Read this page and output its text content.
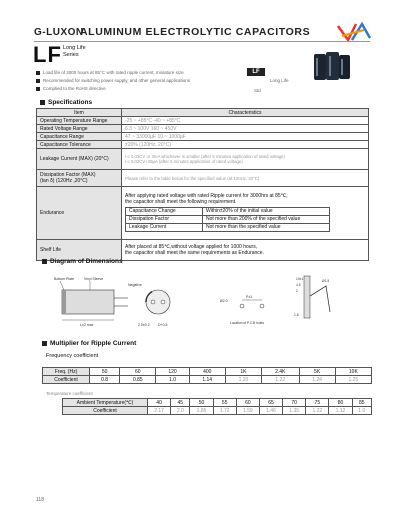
G-LUXON
ALUMINUM ELECTROLYTIC CAPACITORS
LF Long Life
Series
Load life of 3000 hours at 85°C with rated ripple current, miniature size
Recommended for switching power supply, and other general applications
Complied to the RoHS directive
LF
Long Life
Std
Specifications
Item	Characteristics
Operating Temperature Range	-25 ~ +85°C -40 ~ +85°C
Rated Voltage Range	6.3 ~ 100V 160 ~ 450V
Capacitance Range	47 ~ 33000μF 10 ~ 1000μF
Capacitance Tolerance	±20% (120Hz, 20°C)
Leakage Current (MAX) (20°C)	I ≤ 0.03CV or 3mA whichever is smaller (after 5 minutes application of rated voltage)
I ≤ 0.02CV+25μA (after 5 minutes application of rated voltage)

Dissipation Factor (MAX)
(tan δ) (120Hz ,20°C)	Please refer to the table below for the specified value (at 120Hz, 20°C)
Endurance	
After applying rated voltage with rated Ripple current for 3000hrs at 85℃,
the capacitor shall meet the following requirement.
Capacitance Change	Within±20% of the initial value
Dissipation Factor	Not more than 200% of the specified value
Leakage Current	Not more than the specified value

Shelf Life	After placed at 85℃,without voltage applied for 1000 hours,
the capacitor shall meet the same requirements as Endurance.
Diagram of Dimensions
Bottom Plate	Vinyl Sleeve
L±2 max
Negative
2.0±0.2 D+0.5
Ø2.0
P±1
Location of P.C.B holes
10±1
4.5
2
1.8
Ø1.5
Multiplier for Ripple Current
Frequency coefficient
Freq. (Hz)	50	60	120	400	1K	2.4K	5K	10K
Coefficient	0.8	0.85	1.0	1.14	1.20	1.22	1.24	1.25
Temperature coefficient
Ambient Temperature(℃)	40	45	50	55	60	65	70	75	80	85
Coefficient	2.17	2.0	1.85	1.72	1.59	1.46	1.35	1.22	1.12	1.0
118
